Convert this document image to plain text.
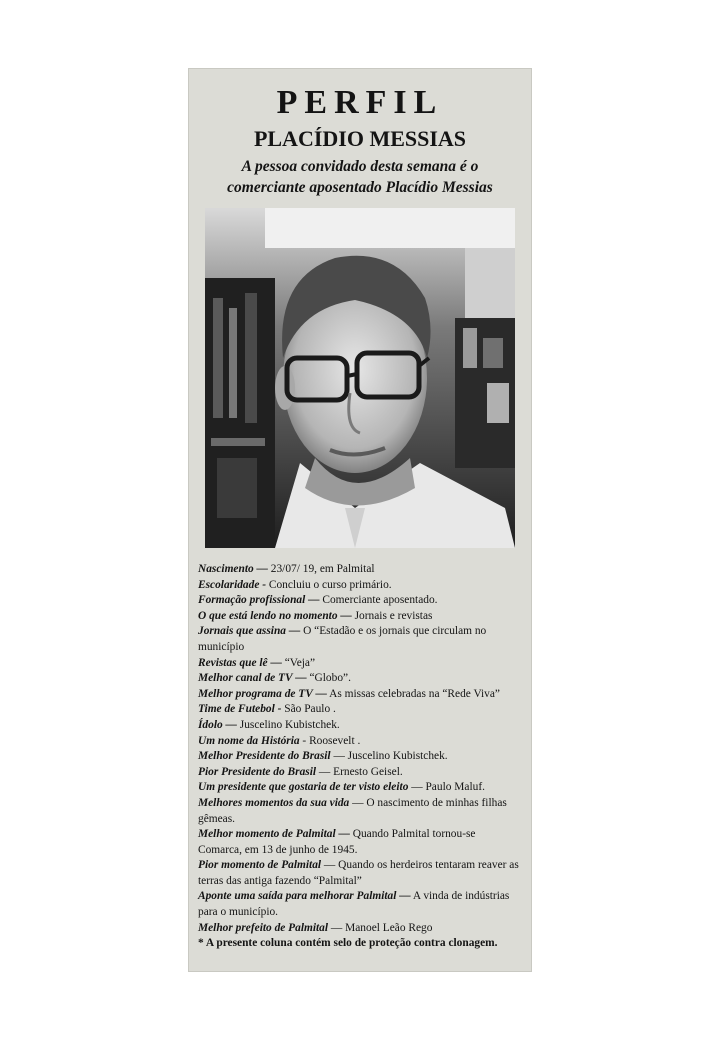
PERFIL
PLACÍDIO MESSIAS
A pessoa convidado desta semana é o
comerciante aposentado Placídio Messias

Nascimento — 23/07/ 19, em Palmital

Escolaridade - Concluiu o curso primário.

Formação profissional — Comerciante aposentado.

O que está lendo no momento — Jornais e revistas

Jornais que assina — O “Estadão e os jornais que circulam no município

Revistas que lê — “Veja”

Melhor canal de TV — “Globo”.

Melhor programa de TV — As missas celebradas na “Rede Viva”

Time de Futebol - São Paulo .

Ídolo — Juscelino Kubistchek.

Um nome da História - Roosevelt .

Melhor Presidente do Brasil — Juscelino Kubistchek.

Pior Presidente do Brasil — Ernesto Geisel.

Um presidente que gostaria de ter visto eleito — Paulo Maluf.

Melhores momentos da sua vida — O nascimento de minhas filhas gêmeas.

Melhor momento de Palmital — Quando Palmital tornou-se Comarca, em 13 de junho de 1945.

Pior momento de Palmital — Quando os herdeiros tentaram reaver as terras das antiga fazendo “Palmital”

Aponte uma saída para melhorar Palmital — A vinda de indústrias para o município.

Melhor prefeito de Palmital — Manoel Leão Rego

* A presente coluna contém selo de proteção contra clonagem.
